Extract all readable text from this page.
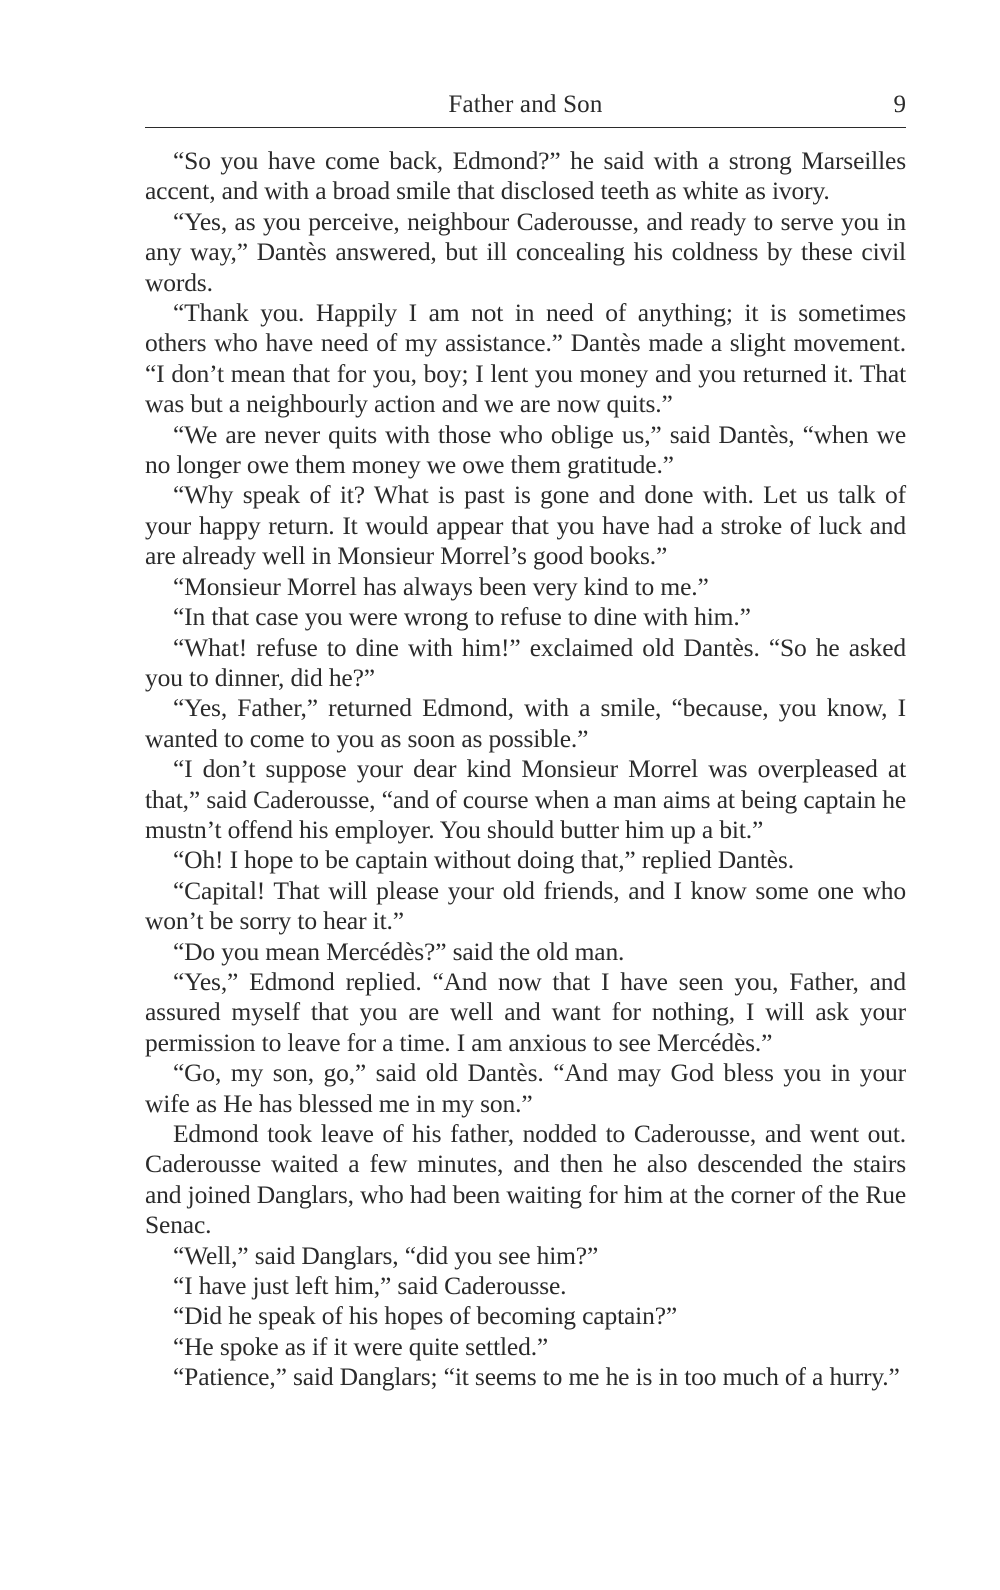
Father and Son	9

“So you have come back, Edmond?” he said with a strong Marseilles accent, and with a broad smile that disclosed teeth as white as ivory.

“Yes, as you perceive, neighbour Caderousse, and ready to serve you in any way,” Dantès answered, but ill concealing his coldness by these civil words.

“Thank you. Happily I am not in need of anything; it is sometimes others who have need of my assistance.” Dantès made a slight movement. “I don’t mean that for you, boy; I lent you money and you returned it. That was but a neighbourly action and we are now quits.”

“We are never quits with those who oblige us,” said Dantès, “when we no longer owe them money we owe them gratitude.”

“Why speak of it? What is past is gone and done with. Let us talk of your happy return. It would appear that you have had a stroke of luck and are already well in Monsieur Morrel’s good books.”

“Monsieur Morrel has always been very kind to me.”

“In that case you were wrong to refuse to dine with him.”

“What! refuse to dine with him!” exclaimed old Dantès. “So he asked you to dinner, did he?”

“Yes, Father,” returned Edmond, with a smile, “because, you know, I wanted to come to you as soon as possible.”

“I don’t suppose your dear kind Monsieur Morrel was overpleased at that,” said Caderousse, “and of course when a man aims at being captain he mustn’t offend his employer. You should butter him up a bit.”

“Oh! I hope to be captain without doing that,” replied Dantès.

“Capital! That will please your old friends, and I know some one who won’t be sorry to hear it.”

“Do you mean Mercédès?” said the old man.

“Yes,” Edmond replied. “And now that I have seen you, Father, and assured myself that you are well and want for nothing, I will ask your permission to leave for a time. I am anxious to see Mercédès.”

“Go, my son, go,” said old Dantès. “And may God bless you in your wife as He has blessed me in my son.”

Edmond took leave of his father, nodded to Caderousse, and went out. Caderousse waited a few minutes, and then he also descended the stairs and joined Danglars, who had been waiting for him at the corner of the Rue Senac.

“Well,” said Danglars, “did you see him?”

“I have just left him,” said Caderousse.

“Did he speak of his hopes of becoming captain?”

“He spoke as if it were quite settled.”

“Patience,” said Danglars; “it seems to me he is in too much of a hurry.”
